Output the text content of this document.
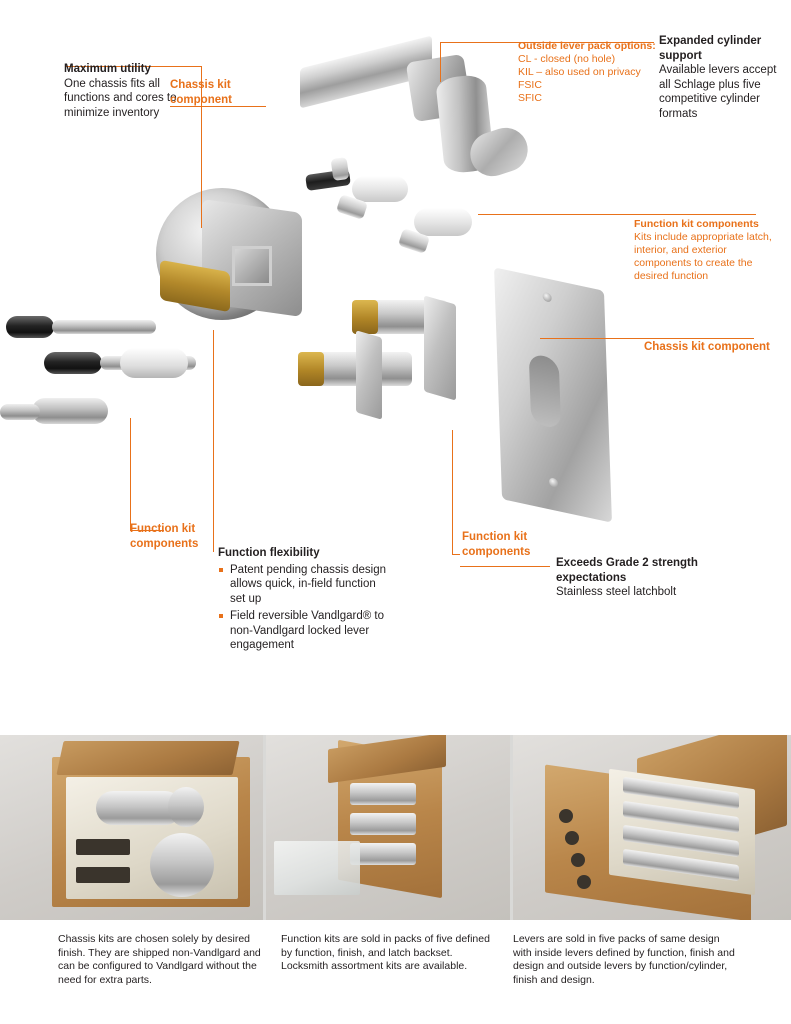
Maximum utility
One chassis fits all functions and cores to minimize inventory
Chassis kit component
Outside lever pack options:
CL - closed (no hole)
KIL – also used on privacy
FSIC
SFIC
Expanded cylinder support
Available levers accept all Schlage plus five competitive cylinder formats
Function kit components
Kits include appropriate latch, interior, and exterior components to create the desired function
Chassis kit component
Function kit
components
Function kit
components
Function flexibility
Patent pending chassis design allows quick, in-field function set up
Field reversible Vandlgard® to non-Vandlgard locked lever engagement
Exceeds Grade 2 strength expectations
Stainless steel latchbolt
Chassis kits are chosen solely by desired finish. They are shipped non-Vandlgard and can be configured to Vandlgard without the need for extra parts.
Function kits are sold in packs of five defined by function, finish, and latch backset. Locksmith assortment kits are available.
Levers are sold in five packs of same design with inside levers defined by function, finish and design and outside levers by function/cylinder, finish and design.
